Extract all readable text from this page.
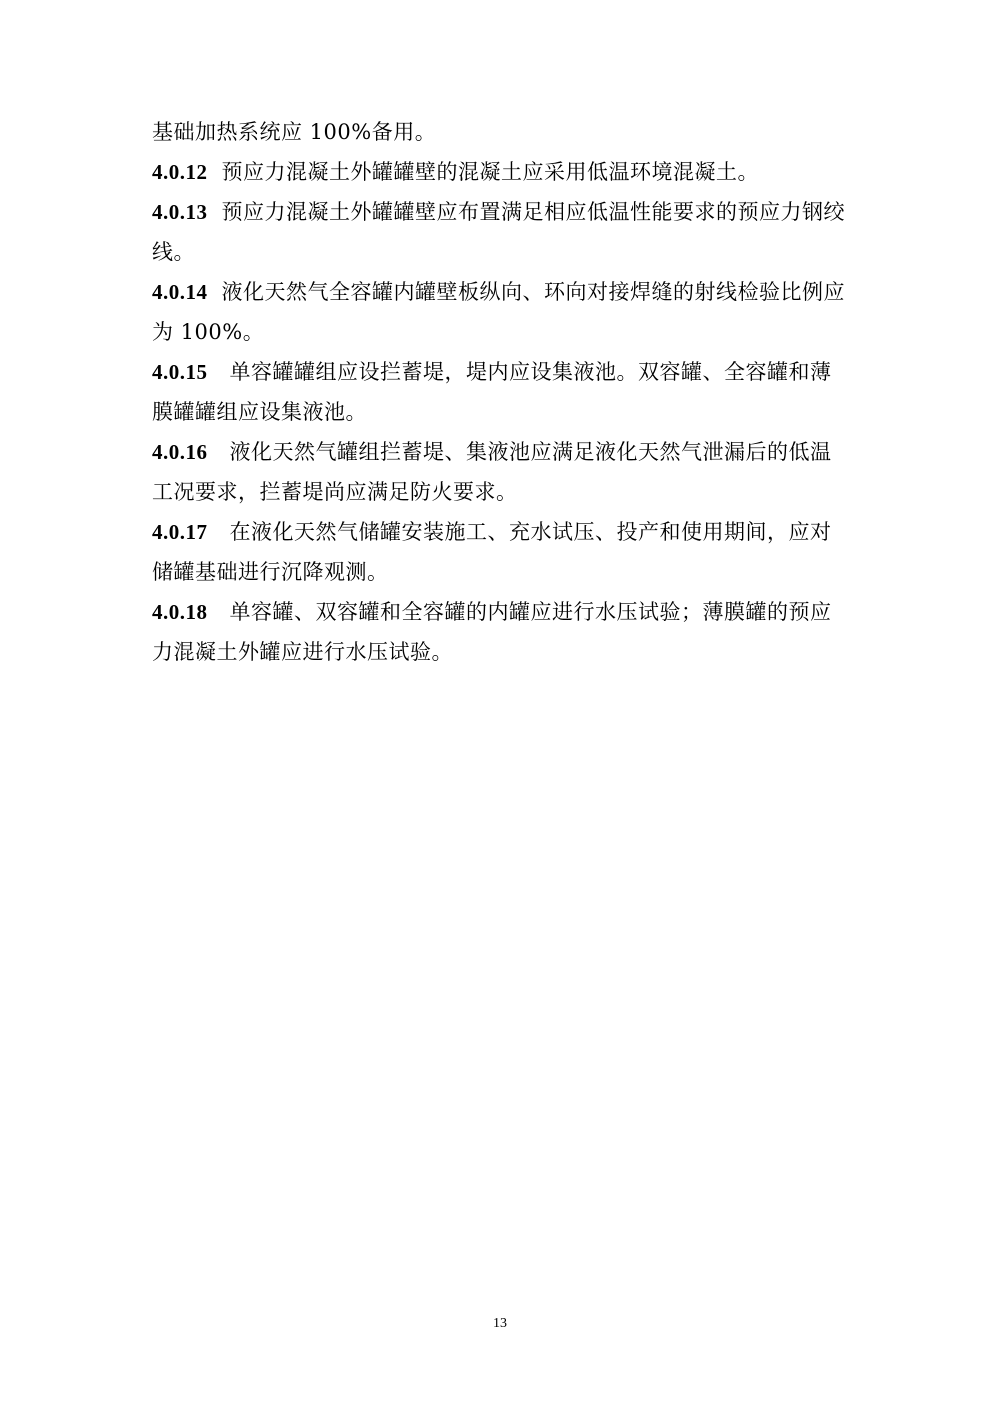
基础加热系统应 100%备用。

4.0.12 预应力混凝土外罐罐壁的混凝土应采用低温环境混凝土。

4.0.13 预应力混凝土外罐罐壁应布置满足相应低温性能要求的预应力钢绞线。

4.0.14 液化天然气全容罐内罐壁板纵向、环向对接焊缝的射线检验比例应为 100%。

4.0.15 单容罐罐组应设拦蓄堤，堤内应设集液池。双容罐、全容罐和薄膜罐罐组应设集液池。

4.0.16 液化天然气罐组拦蓄堤、集液池应满足液化天然气泄漏后的低温工况要求，拦蓄堤尚应满足防火要求。

4.0.17 在液化天然气储罐安装施工、充水试压、投产和使用期间，应对储罐基础进行沉降观测。

4.0.18 单容罐、双容罐和全容罐的内罐应进行水压试验；薄膜罐的预应力混凝土外罐应进行水压试验。

13
